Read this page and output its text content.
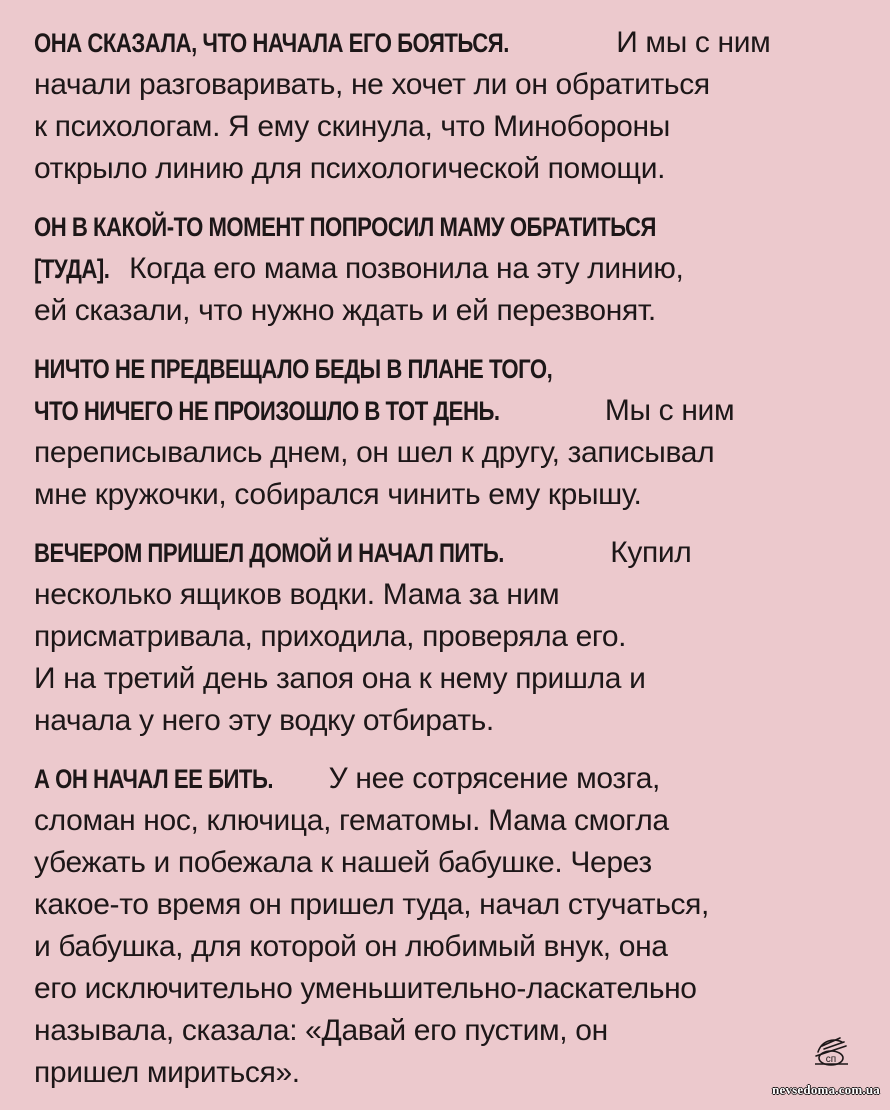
ОНА СКАЗАЛА, ЧТО НАЧАЛА ЕГО БОЯТЬСЯ.	И мы с ним
начали разговаривать, не хочет ли он обратиться
к психологам. Я ему скинула, что Минобороны
открыло линию для психологической помощи.

ОН В КАКОЙ-ТО МОМЕНТ ПОПРОСИЛ МАМУ ОБРАТИТЬСЯ
[ТУДА]. Когда его мама позвонила на эту линию,
ей сказали, что нужно ждать и ей перезвонят.

НИЧТО НЕ ПРЕДВЕЩАЛО БЕДЫ В ПЛАНЕ ТОГО,
ЧТО НИЧЕГО НЕ ПРОИЗОШЛО В ТОТ ДЕНЬ.	Мы с ним
переписывались днем, он шел к другу, записывал
мне кружочки, собирался чинить ему крышу.

ВЕЧЕРОМ ПРИШЕЛ ДОМОЙ И НАЧАЛ ПИТЬ.	Купил
несколько ящиков водки. Мама за ним
присматривала, приходила, проверяла его.
И на третий день запоя она к нему пришла и
начала у него эту водку отбирать.

А ОН НАЧАЛ ЕЕ БИТЬ. У нее сотрясение мозга,
сломан нос, ключица, гематомы. Мама смогла
убежать и побежала к нашей бабушке. Через
какое-то время он пришел туда, начал стучаться,
и бабушка, для которой он любимый внук, она
его исключительно уменьшительно-ласкательно
называла, сказала: «Давай его пустим, он
пришел мириться».	сп
nevsedoma.com.ua
